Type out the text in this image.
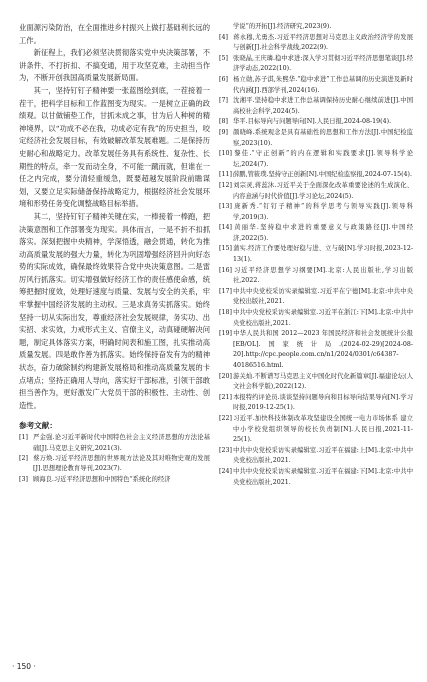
业面源污染防治，在全面推进乡村振兴上做打基础利长远的工作。

新征程上，我们必须坚决贯彻落实党中央决策部署，不讲条件、不打折扣、不搞变通，用于攻坚克难，主动担当作为，不断开创我国高质量发展新局面。

其一，坚持钉钉子精神要一张蓝图绘到底，一茬接着一茬干，把科学目标和工作蓝图变为现实。一是树立正确的政绩观。以甘做铺垫工作，甘抓未成之事，甘为后人种树的精神境界，以“功成不必在我，功成必定有我”的历史担当，咬定经济社会发展目标，有效破解改革发展难题。二是保持历史耐心和战略定力。改革发展任务具有系统性、复杂性、长期性的特点，牵一发而动全身，不可能一蹴而就，但谁在一任之内完成，要分清轻重缓急，既要超越发展阶段前瞻谋划，又要立足实际储备保持战略定力，根据经济社会发展环境和形势任务变化调整战略目标举措。

其二，坚持钉钉子精神关键在实，一棒接着一棒跑，把决策意图和工作部署变为现实。具体而言，一是不折不扣抓落实。深刻把握中央精神，学深悟透，融会贯通，转化为推动高质量发展的强大力量，转化为巩固增强经济回升向好态势的实际成效，确保最终效果符合党中央决策意图。二是雷厉风行抓落实。切实增强做好经济工作的责任感使命感，统筹把握时度效，处理好速度与质量、发展与安全的关系，牢牢掌握中国经济发展的主动权。三是求真务实抓落实。始终坚持一切从实际出发，尊重经济社会发展规律，务实功、出实招、求实效，力戒形式主义、官僚主义，动真碰硬解决问题，制定具体落实方案，明确时间表和施工图，扎实推动高质量发展。四是敢作善为抓落实。始终保持奋发有为的精神状态，奋力破除制约构建新发展格局和推动高质量发展的卡点堵点；坚持正确用人导向，落实好干部标准，引领干部敢担当善作为，更好激发广大党员干部的积极性、主动性、创造性。

参考文献：

[1] 严金强.论习近平新时代中国特色社会主义经济思想的方法论基础[J].马克思主义研究,2021(3).

[2] 蔡万焕.习近平经济思想的世界观方法论及其对唯物史观的发展[J].思想理论教育导刊,2023(7).

[3] 顾海良.习近平经济思想和中国特色“系统化的经济

学说”的开拓[J].经济研究,2023(9).

[4] 蒋永穆,尤勇杰.习近平经济思想对马克思主义政治经济学的发展与创新[J].社会科学战线,2022(9).

[5] 张晓晶,王庆璘.稳中求进:深入学习贯彻习近平经济思想笔谈[J].经济学动态,2022(10).

[6] 杨立勋,苏子淇,朱熙华.“稳中求进”工作总基调的历史演进及新时代内涵[J].西部学刊,2024(16).

[7] 沈湘平.坚持稳中求进工作总基调保持历史耐心继续前进[J].中国高校社会科学,2024(5).

[8] 华平.目标导向与问题导向[N].人民日报,2024-08-19(4).

[9] 颜晓峰.系统观念是具有基础性的思想和工作方法[J].中国纪检监察,2023(10).

[10]黎佳.“守正创新”的内在逻辑和实践要求[J].领导科学论坛,2024(7).

[11]薛鹏,管筱璞.坚持守正创新[N].中国纪检监察报,2024-07-15(4).

[12]刘宗灵,蒋蕊沐.习近平关于全面深化改革重要论述的生成演化、内容意涵与时代价值[J].学习论坛,2024(5).

[13]庞新秀.“钉钉子精神”的科学思考与领导实践[J].领导科学,2019(3).

[14]黄丽华.坚持稳中求进的重要意义与政策路径[J].中国经济,2022(5).

[15]蒲实.经济工作要处理好稳与进、立与破[N].学习时报,2023-12-13(1).

[16]习近平经济思想学习纲要[M].北京:人民出版社,学习出版社,2022.

[17]中共中央党校采访实录编辑室.习近平在宁德[M].北京:中共中央党校出版社,2021.

[18]中共中央党校采访实录编辑室.习近平在浙江:下[M].北京:中共中央党校出版社,2021.

[19]中华人民共和国 2012—2023 年国民经济和社会发展统计公报[EB/OL].国家统计局.(2024-02-29)[2024-08-20].http://cpc.people.com.cn/n1/2024/0301/c64387-40186516.html.

[20]游关灿.不断谱写马克思主义中国化时代化新篇章[J].福建论坛(人文社会科学版),2022(12).

[21]本报特约评论员.谈谈坚持问题导向和目标导向结果导向[N].学习时报,2019-12-25(1).

[22]习近平.加快科技体制改革攻坚建设全国统一电力市场体系 建立中小学校党组织领导的校长负责制[N].人民日报,2021-11-25(1).

[23]中共中央党校采访实录编辑室.习近平在福建:上[M].北京:中共中央党校出版社,2021.

[24]中共中央党校采访实录编辑室.习近平在福建:下[M].北京:中共中央党校出版社,2021.

· 150 ·
